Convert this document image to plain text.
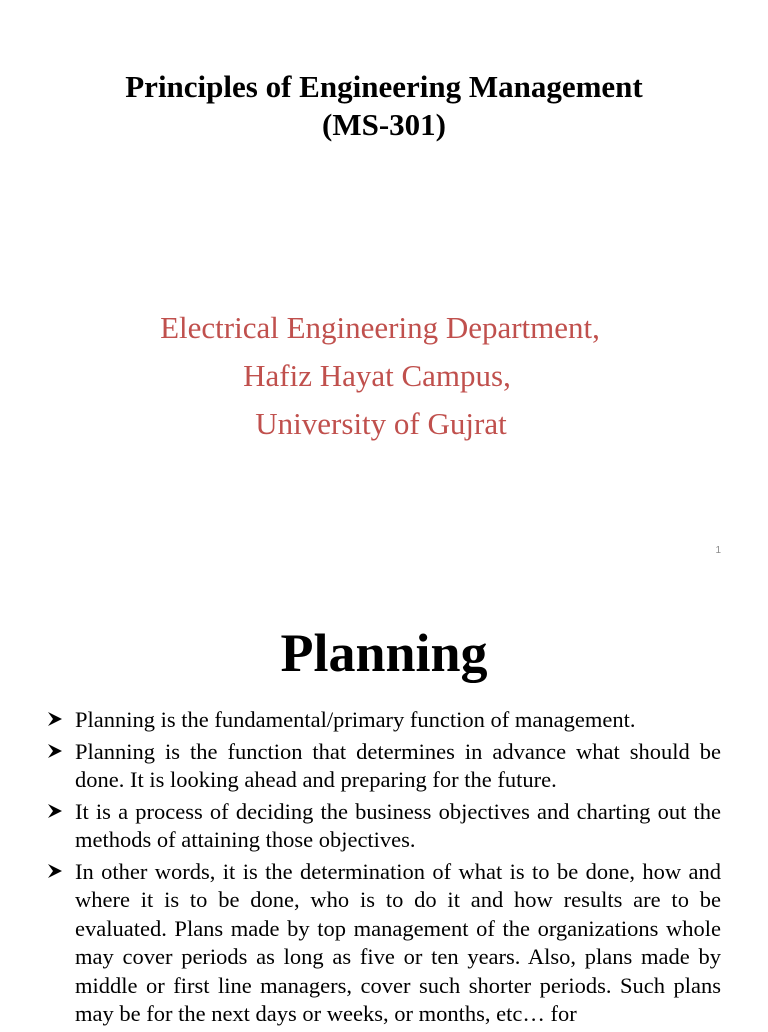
Principles of Engineering Management
(MS-301)
Electrical Engineering Department,
Hafiz Hayat Campus,
University of Gujrat
1
Planning
Planning is the fundamental/primary function of management.
Planning is the function that determines in advance what should be done. It is looking ahead and preparing for the future.
It is a process of deciding the business objectives and charting out the methods of attaining those objectives.
In other words, it is the determination of what is to be done, how and where it is to be done, who is to do it and how results are to be evaluated. Plans made by top management of the organizations whole may cover periods as long as five or ten years. Also, plans made by middle or first line managers, cover such shorter periods. Such plans may be for the next days or weeks, or months, etc… for
